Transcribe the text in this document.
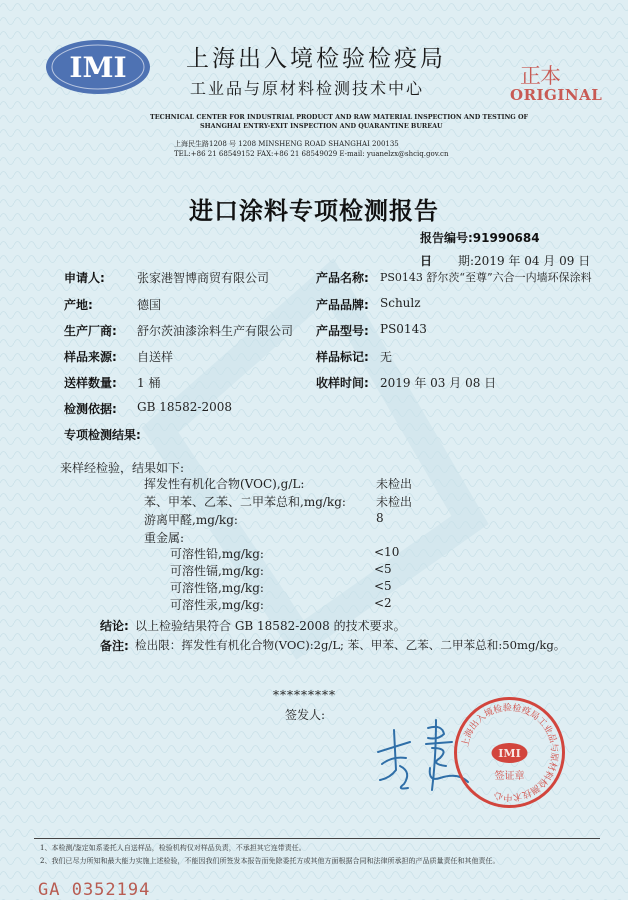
IMI	上海出入境检验检疫局
工业品与原材料检测技术中心
TECHNICAL CENTER FOR INDUSTRIAL PRODUCT AND RAW MATERIAL INSPECTION AND TESTING OF
SHANGHAI ENTRY-EXIT INSPECTION AND QUARANTINE BUREAU
上海民生路1208 号 1208 MINSHENG ROAD SHANGHAI 200135
TEL:+86 21 68549152 FAX:+86 21 68549029 E-mail: yuanelzx@shciq.gov.cn
正本
ORIGINAL
进口涂料专项检测报告
报告编号:91990684
日 期:2019 年 04 月 09 日
申请人:	张家港智博商贸有限公司
产地:	德国
生产厂商: 舒尔茨油漆涂料生产有限公司
样品来源: 自送样
送样数量: 1 桶
检测依据: GB 18582-2008
专项检测结果:
产品名称: PS0143 舒尔茨“至尊”六合一内墙环保涂料
产品品牌: Schulz
产品型号: PS0143
样品标记: 无
收样时间: 2019 年 03 月 08 日
来样经检验，结果如下:
挥发性有机化合物(VOC),g/L:	未检出
苯、甲苯、乙苯、二甲苯总和,mg/kg:	未检出
游离甲醛,mg/kg:	8
重金属:
可溶性铅,mg/kg:	<10
可溶性镉,mg/kg:	<5
可溶性铬,mg/kg:	<5
可溶性汞,mg/kg:	<2
结论: 以上检验结果符合 GB 18582-2008 的技术要求。
备注: 检出限：挥发性有机化合物(VOC):2g/L; 苯、甲苯、乙苯、二甲苯总和:50mg/kg。
*********
签发人:
上海出入境检验检疫局工业品与原材料检测技术中心
IMI
签证章
1、本检测/鉴定如系委托人自送样品，检验机构仅对样品负责，不承担其它连带责任。
2、我们已尽力所知和最大能力实施上述检验，不能因我们所签发本报告而免除委托方或其他方面根据合同和法律所承担的产品质量责任和其他责任。
GA 0352194
